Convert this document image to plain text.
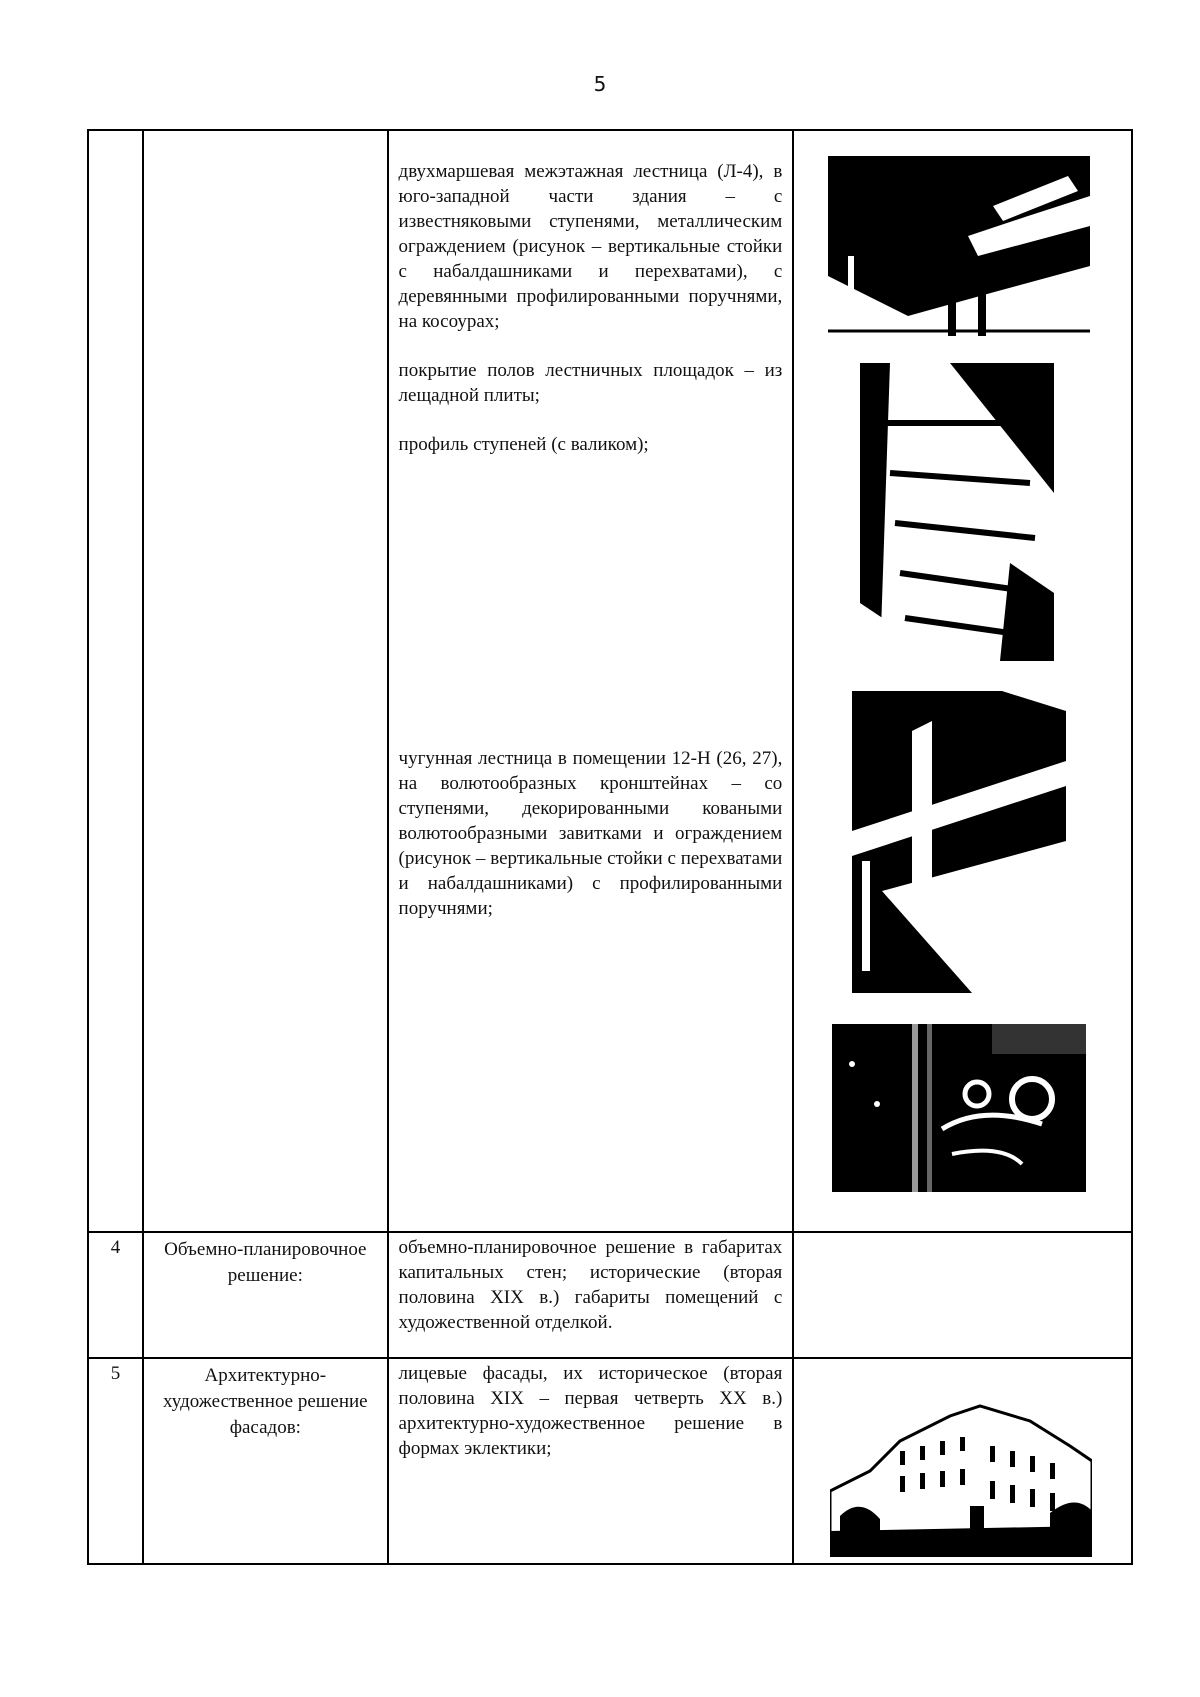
5

		двухмаршевая межэтажная лестница (Л-4), в юго-западной части здания – с известняковыми ступенями, металлическим ограждением (рисунок – вертикальные стойки с набалдашниками и перехватами), с деревянными профилированными поручнями, на косоурах;

покрытие полов лестничных площадок – из лещадной плиты;

профиль ступеней (с валиком);

чугунная лестница в помещении 12-Н (26, 27), на волютообразных кронштейнах – со ступенями, декорированными коваными волютообразными завитками и ограждением (рисунок – вертикальные стойки с перехватами и набалдашниками) с профилированными поручнями;

4	Объемно-планировочное решение:	объемно-планировочное решение в габаритах капитальных стен; исторические (вторая половина XIX в.) габариты помещений с художественной отделкой.	

5	Архитектурно-художественное решение фасадов:	лицевые фасады, их историческое (вторая половина XIX – первая четверть XX в.) архитектурно-художественное решение в формах эклектики;
